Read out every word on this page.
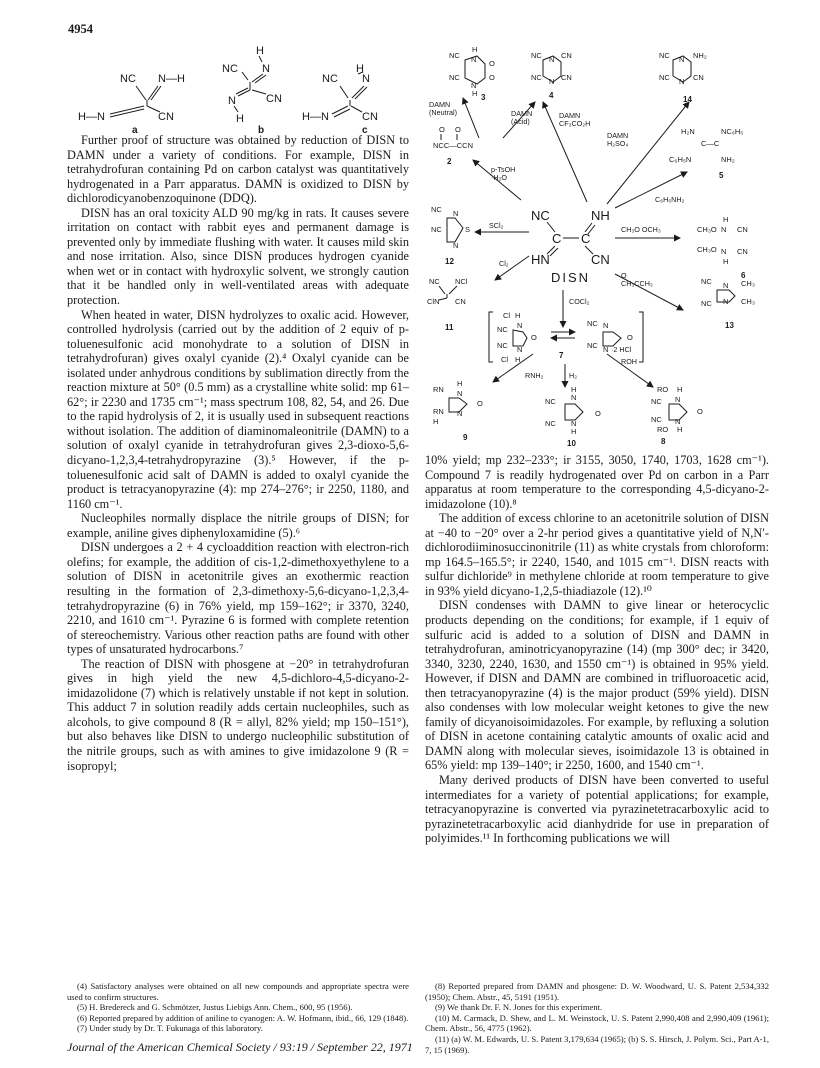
4954
NC N—H
H—N	CN
a
H
N
NC
N	CN
H
b
H
NC N
H—N	CN
c
NC	NH
C C
HN	CN
DISN
DAMN (Neutral)	DAMN (Acid)
DAMN CF₃CO₂H
DAMN H₂SO₄
p-TsOH ·H₂O
C₆H₅NH₂
CH₃O OCH₃
SCl₂
Cl₂
COCl₂
O CH₃CCH₃
RNH₂	H₂
ROH
·2 HCl
NC
H
N O
NC
N
O
H 3
NC N CN
NC N CN
4
NC N NH₂
NC N CN
14
O O
NCC—CCN
2
H₂N	NC₆H₅
C—C
C₆H₅N	NH₂
5
CH₃O N CN
CH₃O N CN
H
H
6
NC N
S
NC
N
12
NC NCl
ClN CN
11
NC N CH₃
NC N CH₃
13
Cl H
NC N
O
NC N
Cl H
NC N
O
NC N
7
RN
H
N
O
RN N
H
9
H
N
NC
O
NC N
H
10
RO H
NC N
O
NC N
RO H
8

Further proof of structure was obtained by reduction of DISN to DAMN under a variety of conditions. For example, DISN in tetrahydrofuran containing Pd on carbon catalyst was quantitatively hydrogenated in a Parr apparatus. DAMN is oxidized to DISN by dichlorodicyanobenzoquinone (DDQ).

DISN has an oral toxicity ALD 90 mg/kg in rats. It causes severe irritation on contact with rabbit eyes and permanent damage is prevented only by immediate flushing with water. It causes mild skin and nose irritation. Also, since DISN produces hydrogen cyanide when wet or in contact with hydroxylic solvent, we strongly caution that it be handled only in well-ventilated areas with adequate protection.

When heated in water, DISN hydrolyzes to oxalic acid. However, controlled hydrolysis (carried out by the addition of 2 equiv of p-toluenesulfonic acid monohydrate to a solution of DISN in tetrahydrofuran) gives oxalyl cyanide (2).⁴ Oxalyl cyanide can be isolated under anhydrous conditions by sublimation directly from the reaction mixture at 50° (0.5 mm) as a crystalline white solid: mp 61–62°; ir 2230 and 1735 cm⁻¹; mass spectrum 108, 82, 54, and 26. Due to the rapid hydrolysis of 2, it is usually used in subsequent reactions without isolation. The addition of diaminomaleonitrile (DAMN) to a solution of oxalyl cyanide in tetrahydrofuran gives 2,3-dioxo-5,6-dicyano-1,2,3,4-tetrahydropyrazine (3).⁵ However, if the p-toluenesulfonic acid salt of DAMN is added to oxalyl cyanide the product is tetracyanopyrazine (4): mp 274–276°; ir 2250, 1180, and 1160 cm⁻¹.

Nucleophiles normally displace the nitrile groups of DISN; for example, aniline gives diphenyloxamidine (5).⁶

DISN undergoes a 2 + 4 cycloaddition reaction with electron-rich olefins; for example, the addition of cis-1,2-dimethoxyethylene to a solution of DISN in acetonitrile gives an exothermic reaction resulting in the formation of 2,3-dimethoxy-5,6-dicyano-1,2,3,4-tetrahydropyrazine (6) in 76% yield, mp 159–162°; ir 3370, 3240, 2210, and 1610 cm⁻¹. Pyrazine 6 is formed with complete retention of stereochemistry. Various other reaction paths are found with other types of unsaturated hydrocarbons.⁷

The reaction of DISN with phosgene at −20° in tetrahydrofuran gives in high yield the new 4,5-dichloro-4,5-dicyano-2-imidazolidone (7) which is relatively unstable if not kept in solution. This adduct 7 in solution readily adds certain nucleophiles, such as alcohols, to give compound 8 (R = allyl, 82% yield; mp 150–151°), but also behaves like DISN to undergo nucleophilic substitution of the nitrile groups, such as with amines to give imidazolone 9 (R = isopropyl;

10% yield; mp 232–233°; ir 3155, 3050, 1740, 1703, 1628 cm⁻¹). Compound 7 is readily hydrogenated over Pd on carbon in a Parr apparatus at room temperature to the corresponding 4,5-dicyano-2-imidazolone (10).⁸

The addition of excess chlorine to an acetonitrile solution of DISN at −40 to −20° over a 2-hr period gives a quantitative yield of N,N′-dichlorodiiminosuccinonitrile (11) as white crystals from chloroform: mp 164.5–165.5°; ir 2240, 1540, and 1015 cm⁻¹. DISN reacts with sulfur dichloride⁹ in methylene chloride at room temperature to give in 93% yield dicyano-1,2,5-thiadiazole (12).¹⁰

DISN condenses with DAMN to give linear or heterocyclic products depending on the conditions; for example, if 1 equiv of sulfuric acid is added to a solution of DISN and DAMN in tetrahydrofuran, aminotricyanopyrazine (14) (mp 300° dec; ir 3420, 3340, 3230, 2240, 1630, and 1550 cm⁻¹) is obtained in 95% yield. However, if DISN and DAMN are combined in trifluoroacetic acid, then tetracyanopyrazine (4) is the major product (59% yield). DISN also condenses with low molecular weight ketones to give the new family of dicyanoisoimidazoles. For example, by refluxing a solution of DISN in acetone containing catalytic amounts of oxalic acid and DAMN along with molecular sieves, isoimidazole 13 is obtained in 65% yield: mp 139–140°; ir 2250, 1600, and 1540 cm⁻¹.

Many derived products of DISN have been converted to useful intermediates for a variety of potential applications; for example, tetracyanopyrazine is converted via pyrazinetetracarboxylic acid to pyrazinetetracarboxylic acid dianhydride for use in preparation of polyimides.¹¹ In forthcoming publications we will

(4) Satisfactory analyses were obtained on all new compounds and appropriate spectra were used to confirm structures.

(5) H. Bredereck and G. Schmötzer, Justus Liebigs Ann. Chem., 600, 95 (1956).

(6) Reported prepared by addition of aniline to cyanogen: A. W. Hofmann, ibid., 66, 129 (1848).

(7) Under study by Dr. T. Fukunaga of this laboratory.

(8) Reported prepared from DAMN and phosgene: D. W. Woodward, U. S. Patent 2,534,332 (1950); Chem. Abstr., 45, 5191 (1951).

(9) We thank Dr. F. N. Jones for this experiment.

(10) M. Carmack, D. Shew, and L. M. Weinstock, U. S. Patent 2,990,408 and 2,990,409 (1961); Chem. Abstr., 56, 4775 (1962).

(11) (a) W. M. Edwards, U. S. Patent 3,179,634 (1965); (b) S. S. Hirsch, J. Polym. Sci., Part A-1, 7, 15 (1969).

Journal of the American Chemical Society / 93:19 / September 22, 1971
